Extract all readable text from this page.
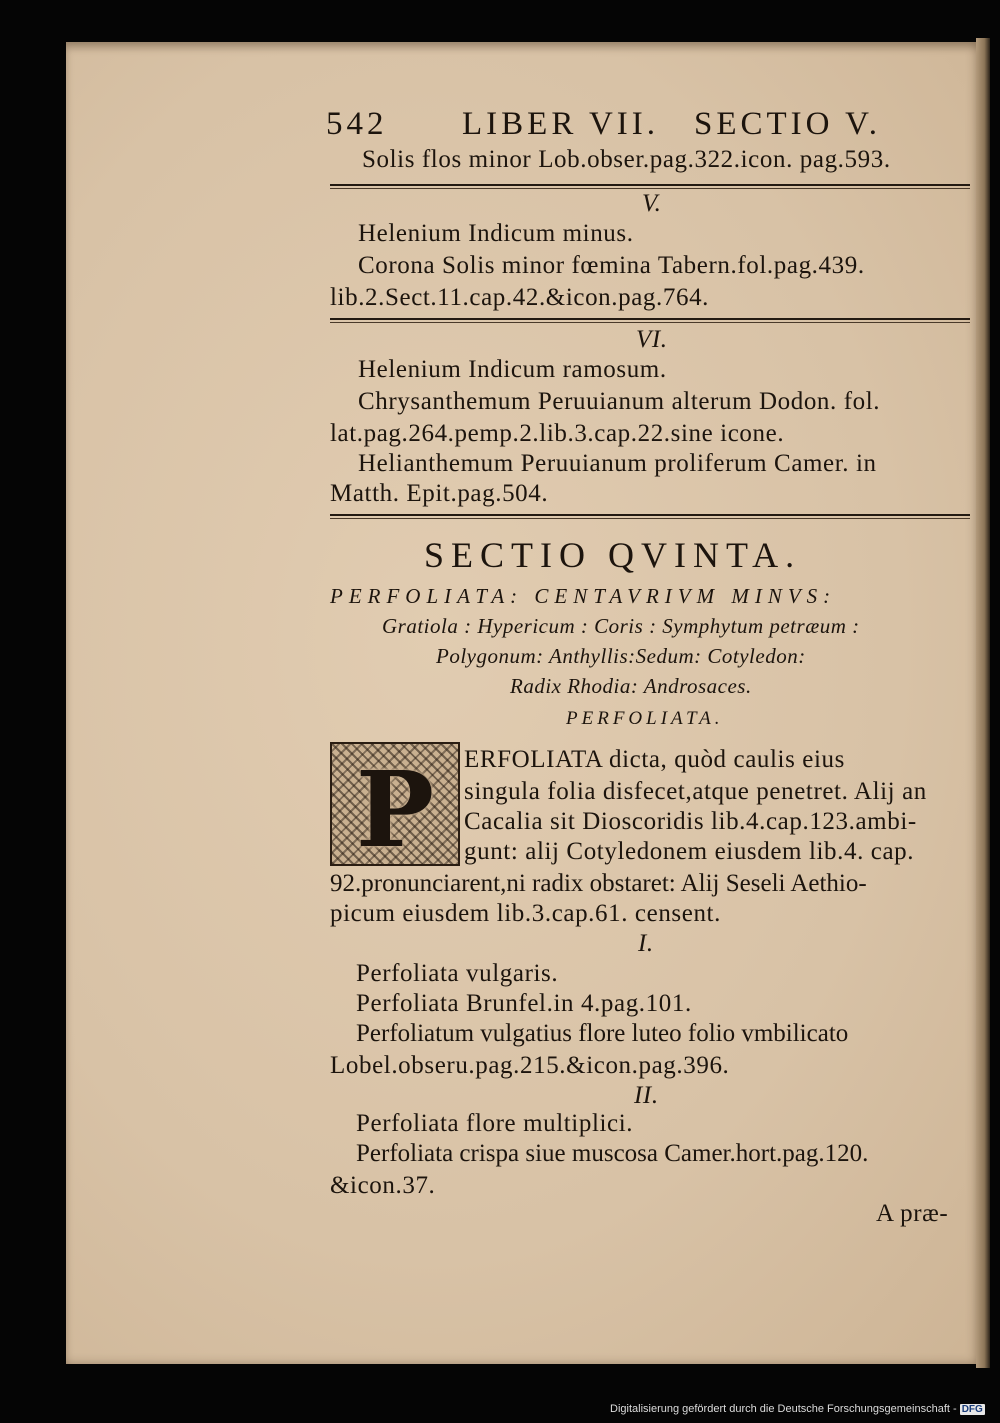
542 LIBER VII. SECTIO V.
Solis flos minor Lob.obser.pag.322.icon. pag.593.
V.
Helenium Indicum minus.
Corona Solis minor fœmina Tabern.fol.pag.439.
lib.2.Sect.11.cap.42.&icon.pag.764.
VI.
Helenium Indicum ramosum.
Chrysanthemum Peruuianum alterum Dodon. fol.
lat.pag.264.pemp.2.lib.3.cap.22.sine icone.
Helianthemum Peruuianum proliferum Camer. in
Matth. Epit.pag.504.
SECTIO QVINTA.
PERFOLIATA: CENTAVRIVM MINVS:
Gratiola : Hypericum : Coris : Symphytum petræum :
Polygonum: Anthyllis:Sedum: Cotyledon:
Radix Rhodia: Androsaces.
PERFOLIATA.
P	ERFOLIATA dicta, quòd caulis eius
singula folia disfecet,atque penetret. Alij an
Cacalia sit Dioscoridis lib.4.cap.123.ambi-
gunt: alij Cotyledonem eiusdem lib.4. cap.
92.pronunciarent,ni radix obstaret: Alij Seseli Aethio-
picum eiusdem lib.3.cap.61. censent.
I.
Perfoliata vulgaris.
Perfoliata Brunfel.in 4.pag.101.
Perfoliatum vulgatius flore luteo folio vmbilicato
Lobel.obseru.pag.215.&icon.pag.396.
II.
Perfoliata flore multiplici.
Perfoliata crispa siue muscosa Camer.hort.pag.120.
&icon.37.
A præ-
Digitalisierung gefördert durch die Deutsche Forschungsgemeinschaft - DFG
